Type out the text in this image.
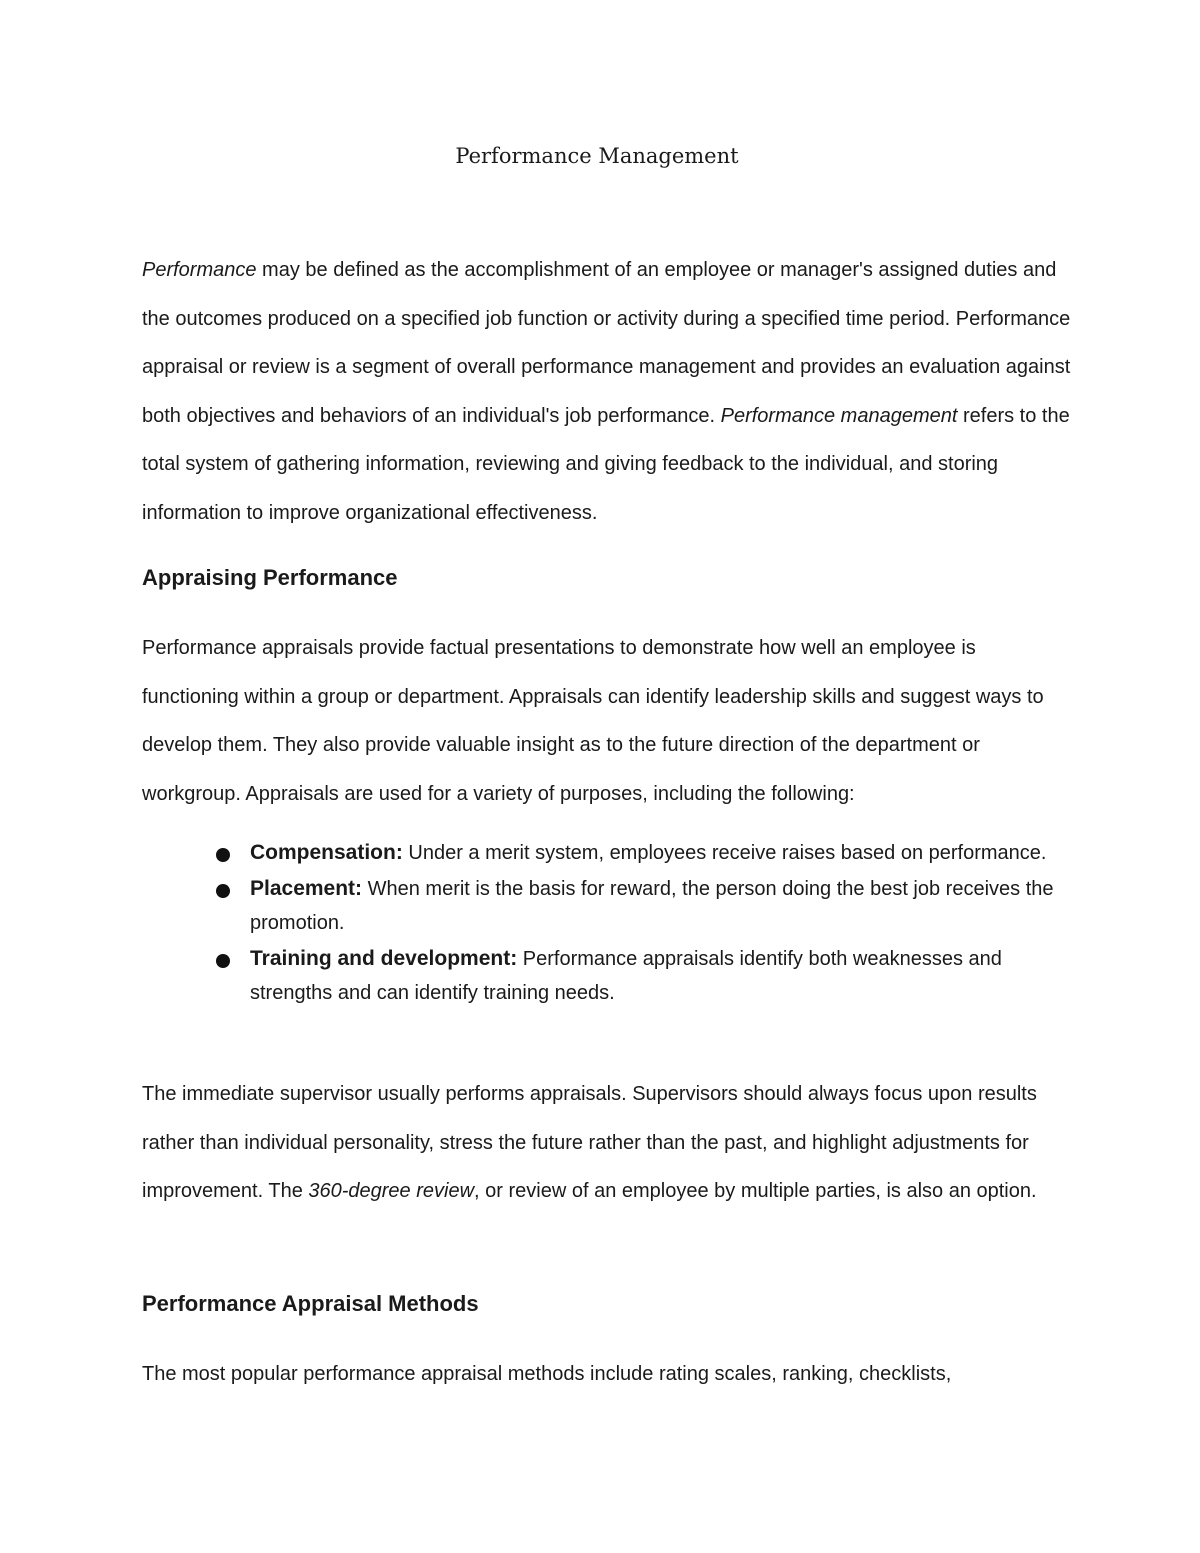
Performance Management

Performance may be defined as the accomplishment of an employee or manager's assigned duties and the outcomes produced on a specified job function or activity during a specified time period. Performance appraisal or review is a segment of overall performance management and provides an evaluation against both objectives and behaviors of an individual's job performance. Performance management refers to the total system of gathering information, reviewing and giving feedback to the individual, and storing information to improve organizational effectiveness.

Appraising Performance

Performance appraisals provide factual presentations to demonstrate how well an employee is functioning within a group or department. Appraisals can identify leadership skills and suggest ways to develop them. They also provide valuable insight as to the future direction of the department or workgroup. Appraisals are used for a variety of purposes, including the following:

Compensation: Under a merit system, employees receive raises based on performance.
Placement: When merit is the basis for reward, the person doing the best job receives the promotion.
Training and development: Performance appraisals identify both weaknesses and strengths and can identify training needs.

The immediate supervisor usually performs appraisals. Supervisors should always focus upon results rather than individual personality, stress the future rather than the past, and highlight adjustments for improvement. The 360-degree review, or review of an employee by multiple parties, is also an option.

Performance Appraisal Methods

The most popular performance appraisal methods include rating scales, ranking, checklists,
